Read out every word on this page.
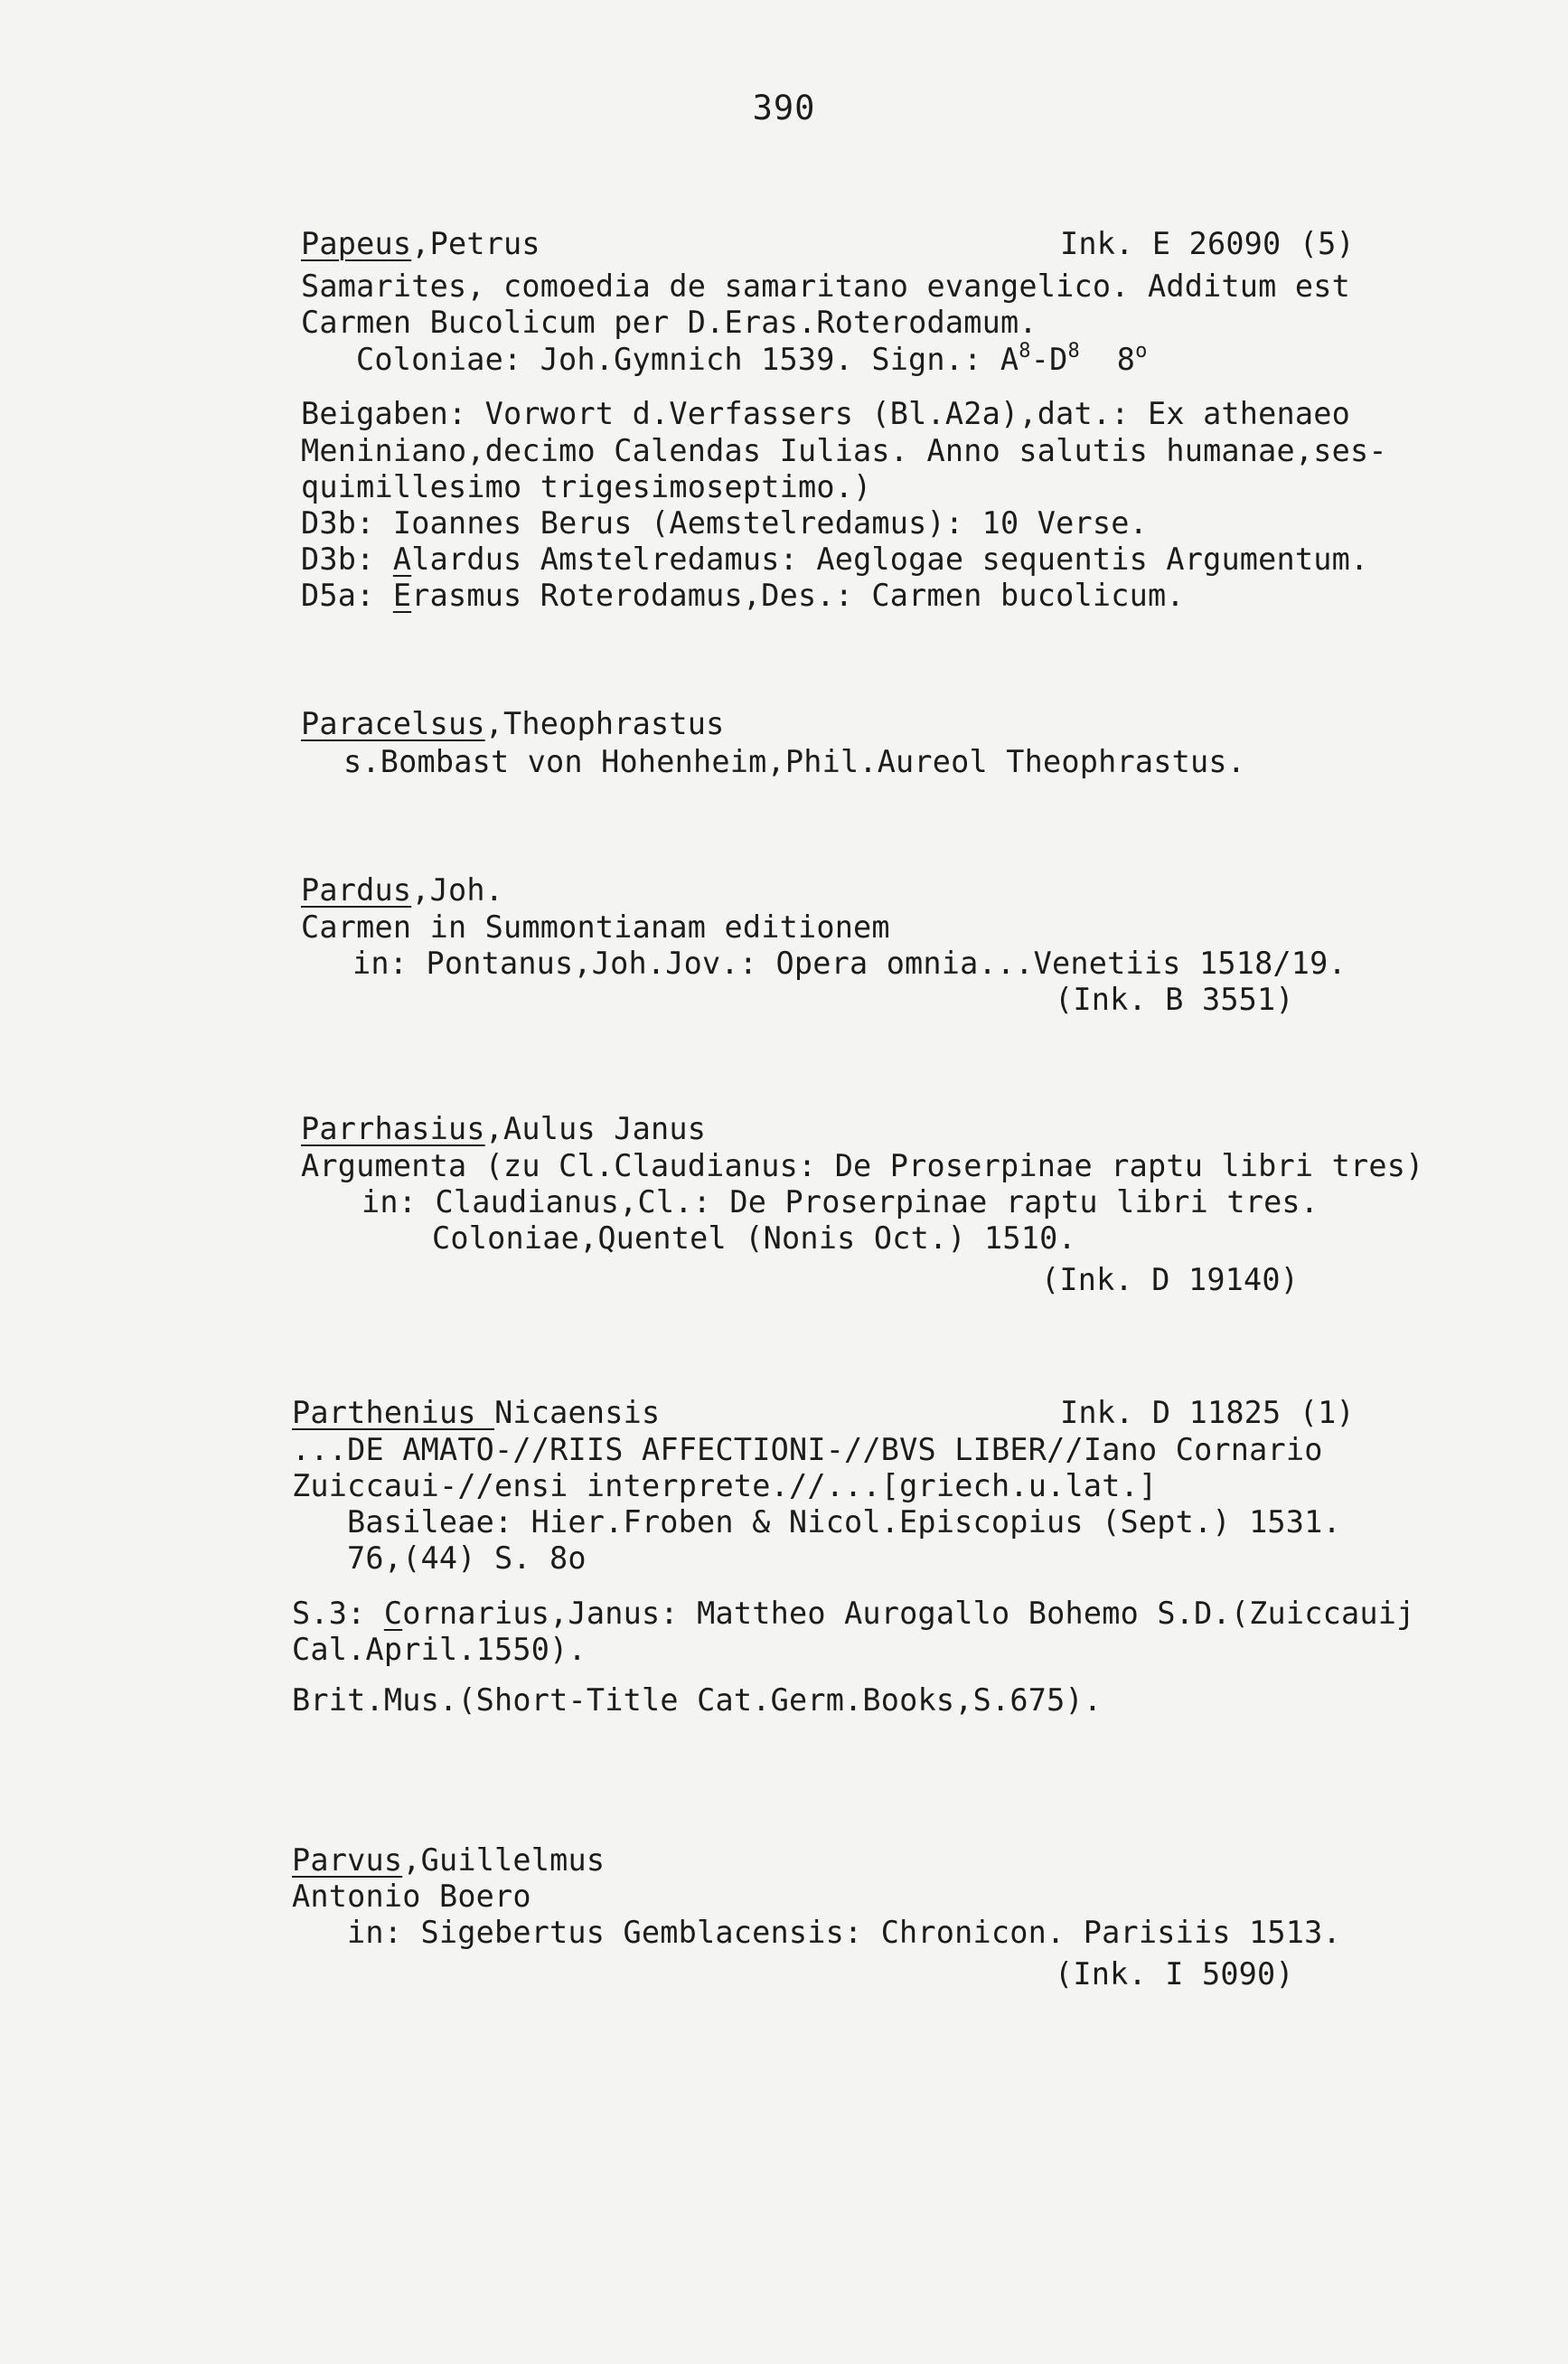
390
Papeus,Petrus	Ink. E 26090 (5)
Samarites, comoedia de samaritano evangelico. Additum est
Carmen Bucolicum per D.Eras.Roterodamum.
Coloniae: Joh.Gymnich 1539. Sign.: $A^8-D^8$ 8$^o$
Beigaben: Vorwort d.Verfassers (Bl.A2a),dat.: Ex athenaeo
Meniniano,decimo Calendas Iulias. Anno salutis humanae,ses-
quimillesimo trigesimoseptimo.)
D3b: Ioannes Berus (Aemstelredamus): 10 Verse.
D3b: Alardus Amstelredamus: Aeglogae sequentis Argumentum.
D5a: Erasmus Roterodamus,Des.: Carmen bucolicum.
Paracelsus,Theophrastus
s.Bombast von Hohenheim,Phil.Aureol Theophrastus.
Pardus,Joh.
Carmen in Summontianam editionem
in: Pontanus,Joh.Jov.: Opera omnia...Venetiis 1518/19.
(Ink. B 3551)
Parrhasius,Aulus Janus
Argumenta (zu Cl.Claudianus: De Proserpinae raptu libri tres)
in: Claudianus,Cl.: De Proserpinae raptu libri tres.
Coloniae,Quentel (Nonis Oct.) 1510.
(Ink. D 19140)
Parthenius Nicaensis	Ink. D 11825 (1)
...DE AMATO-//RIIS AFFECTIONI-//BVS LIBER//Iano Cornario
Zuiccaui-//ensi interprete.//...[griech.u.lat.]
Basileae: Hier.Froben & Nicol.Episcopius (Sept.) 1531.
76,(44) S. 8o
S.3: Cornarius,Janus: Mattheo Aurogallo Bohemo S.D.(Zuiccauij
Cal.April.1550).
Brit.Mus.(Short-Title Cat.Germ.Books,S.675).
Parvus,Guillelmus
Antonio Boero
in: Sigebertus Gemblacensis: Chronicon. Parisiis 1513.
(Ink. I 5090)
